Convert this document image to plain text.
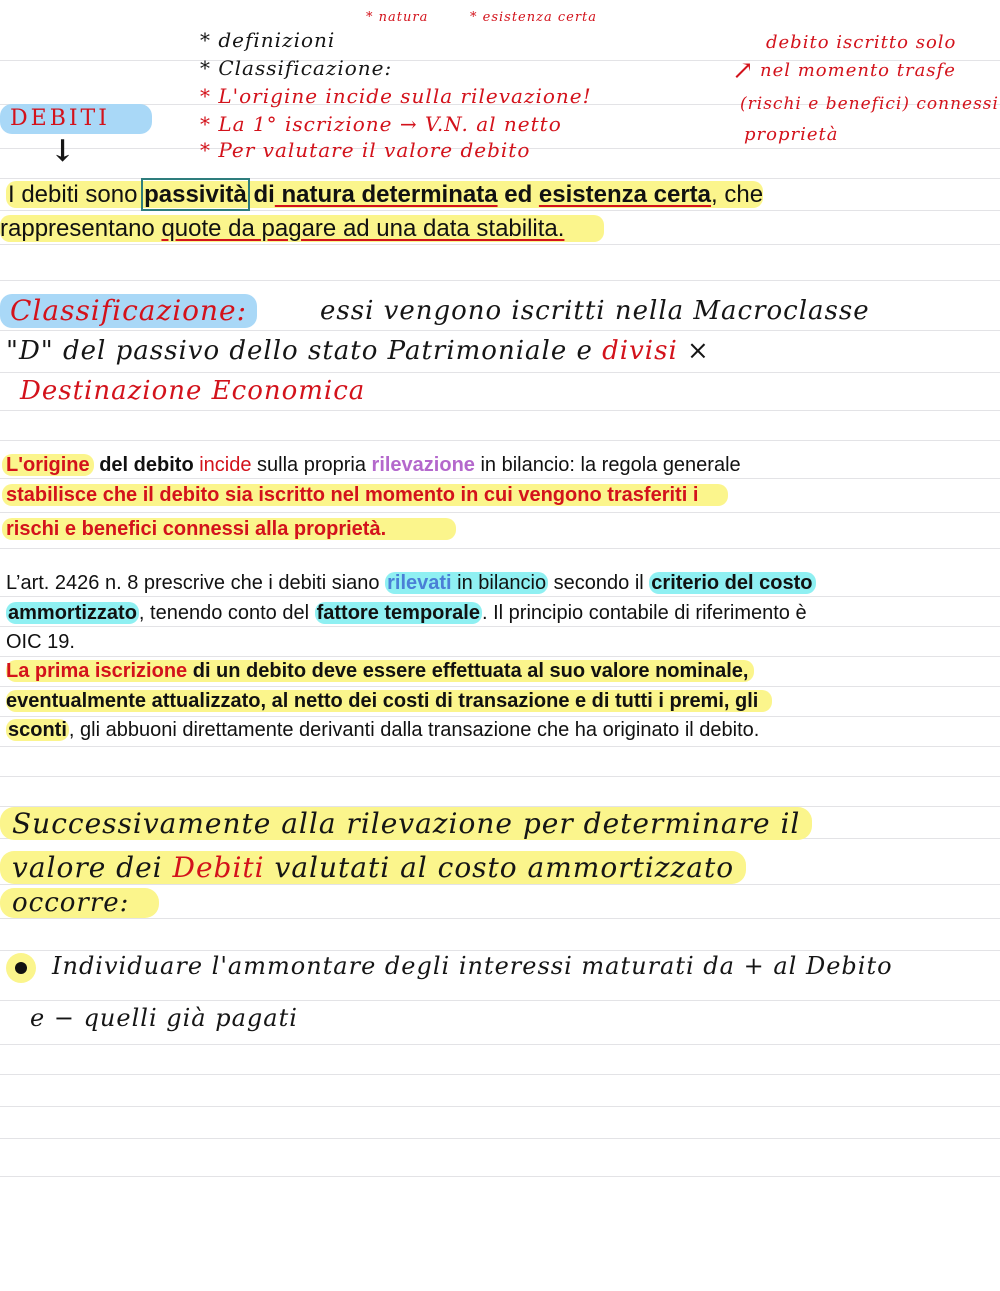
* natura	* esistenza certa
* definizioni
* Classificazione:
* L'origine incide sulla rilevazione!
* La 1° iscrizione → V.N. al netto
* Per valutare il valore debito
↗
debito iscritto solo
nel momento trasfe
(rischi e benefici) connessi
proprietà
DEBITI
↓
I debiti sono passività di natura determinata ed esistenza certa, che
rappresentano quote da pagare ad una data stabilita.
Classificazione:	essi vengono iscritti nella Macroclasse
"D" del passivo dello stato Patrimoniale e divisi ×
Destinazione Economica
L'origine del debito incide sulla propria rilevazione in bilancio: la regola generale
stabilisce che il debito sia iscritto nel momento in cui vengono trasferiti i
rischi e benefici connessi alla proprietà.
L’art. 2426 n. 8 prescrive che i debiti siano rilevati in bilancio secondo il criterio del costo
ammortizzato , tenendo conto del fattore temporale . Il principio contabile di riferimento è
OIC 19.
La prima iscrizione di un debito deve essere effettuata al suo valore nominale,
eventualmente attualizzato, al netto dei costi di transazione e di tutti i premi, gli
sconti , gli abbuoni direttamente derivanti dalla transazione che ha originato il debito.
Successivamente alla rilevazione per determinare il
valore dei Debiti valutati al costo ammortizzato
occorre:
Individuare l'ammontare degli interessi maturati da + al Debito
e − quelli già pagati
